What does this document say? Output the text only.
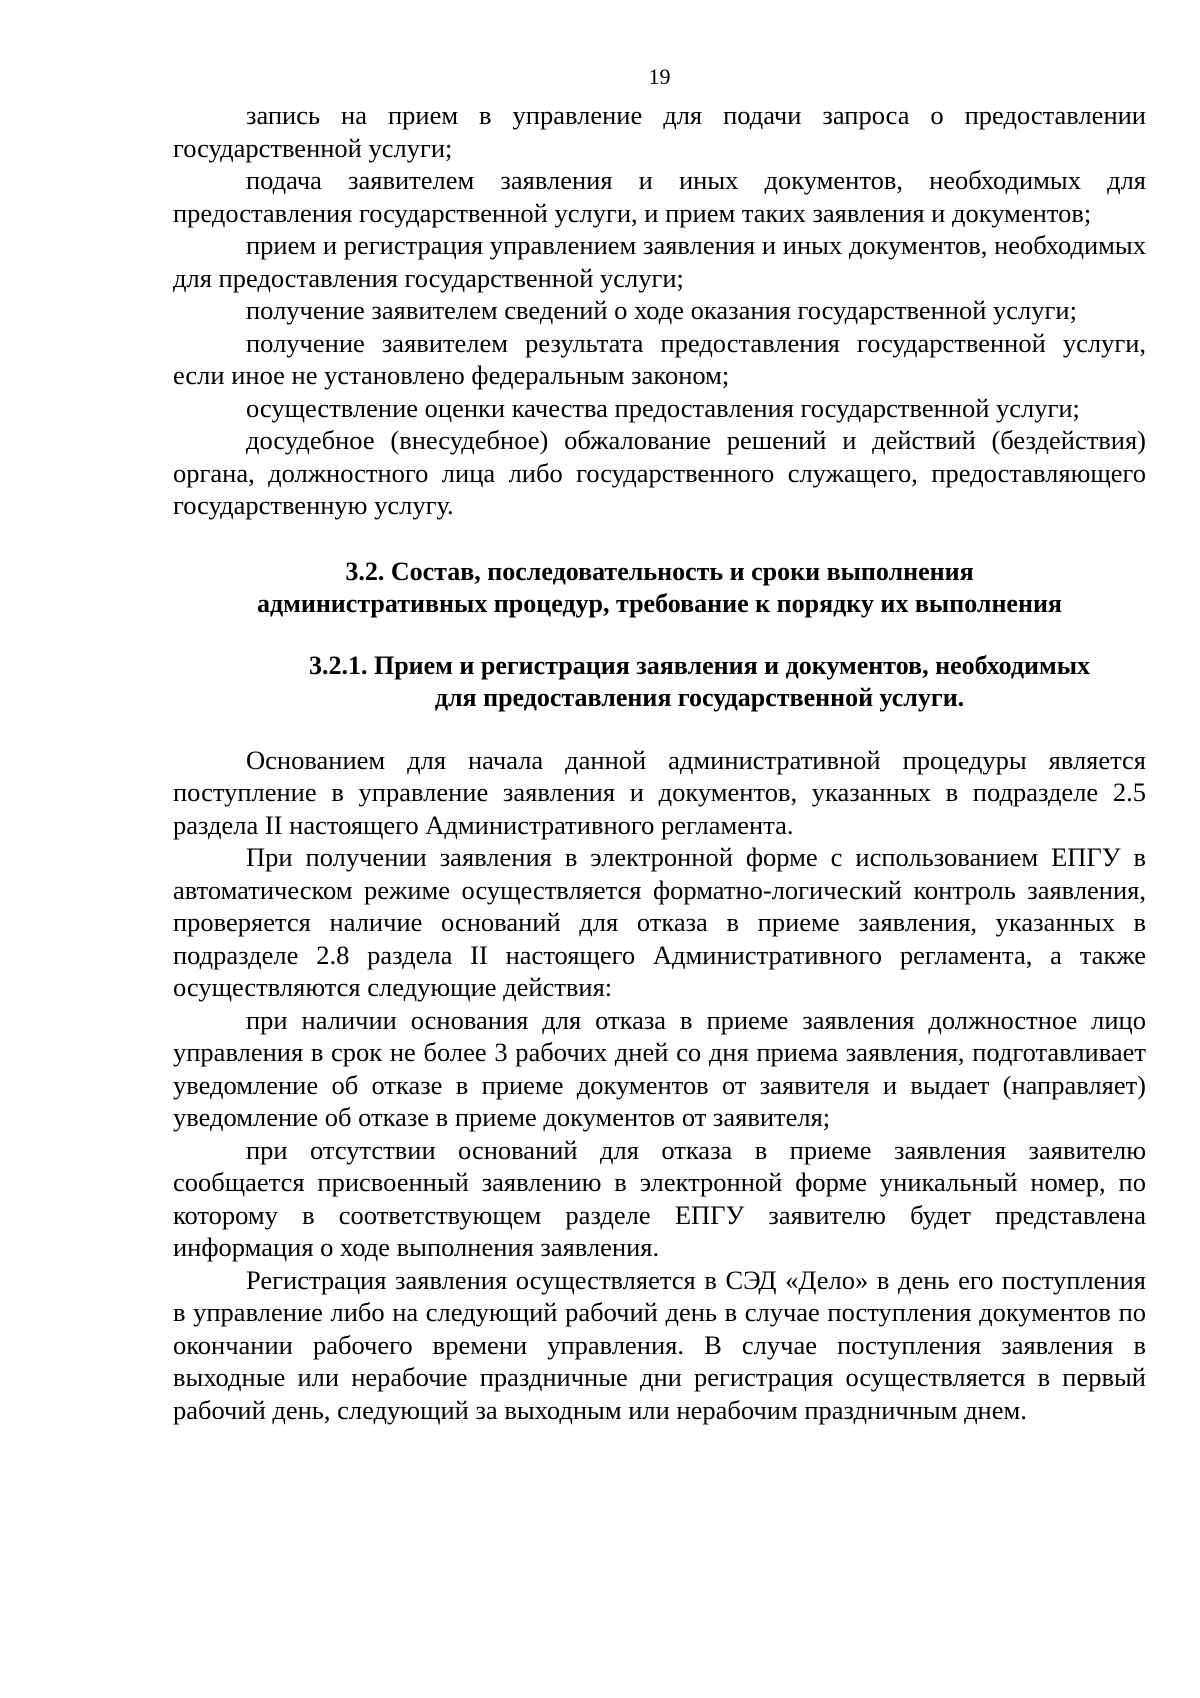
19

запись на прием в управление для подачи запроса о предоставлении государственной услуги;

подача заявителем заявления и иных документов, необходимых для предоставления государственной услуги, и прием таких заявления и документов;

прием и регистрация управлением заявления и иных документов, необходимых для предоставления государственной услуги;

получение заявителем сведений о ходе оказания государственной услуги;

получение заявителем результата предоставления государственной услуги, если иное не установлено федеральным законом;

осуществление оценки качества предоставления государственной услуги;

досудебное (внесудебное) обжалование решений и действий (бездействия) органа, должностного лица либо государственного служащего, предоставляющего государственную услугу.

3.2. Состав, последовательность и сроки выполнения
административных процедур, требование к порядку их выполнения
3.2.1. Прием и регистрация заявления и документов, необходимых
для предоставления государственной услуги.

Основанием для начала данной административной процедуры является поступление в управление заявления и документов, указанных в подразделе 2.5 раздела II настоящего Административного регламента.

При получении заявления в электронной форме с использованием ЕПГУ в автоматическом режиме осуществляется форматно-логический контроль заявления, проверяется наличие оснований для отказа в приеме заявления, указанных в подразделе 2.8 раздела II настоящего Административного регламента, а также осуществляются следующие действия:

при наличии основания для отказа в приеме заявления должностное лицо управления в срок не более 3 рабочих дней со дня приема заявления, подготавливает уведомление об отказе в приеме документов от заявителя и выдает (направляет) уведомление об отказе в приеме документов от заявителя;

при отсутствии оснований для отказа в приеме заявления заявителю сообщается присвоенный заявлению в электронной форме уникальный номер, по которому в соответствующем разделе ЕПГУ заявителю будет представлена информация о ходе выполнения заявления.

Регистрация заявления осуществляется в СЭД «Дело» в день его поступления в управление либо на следующий рабочий день в случае поступления документов по окончании рабочего времени управления. В случае поступления заявления в выходные или нерабочие праздничные дни регистрация осуществляется в первый рабочий день, следующий за выходным или нерабочим праздничным днем.
